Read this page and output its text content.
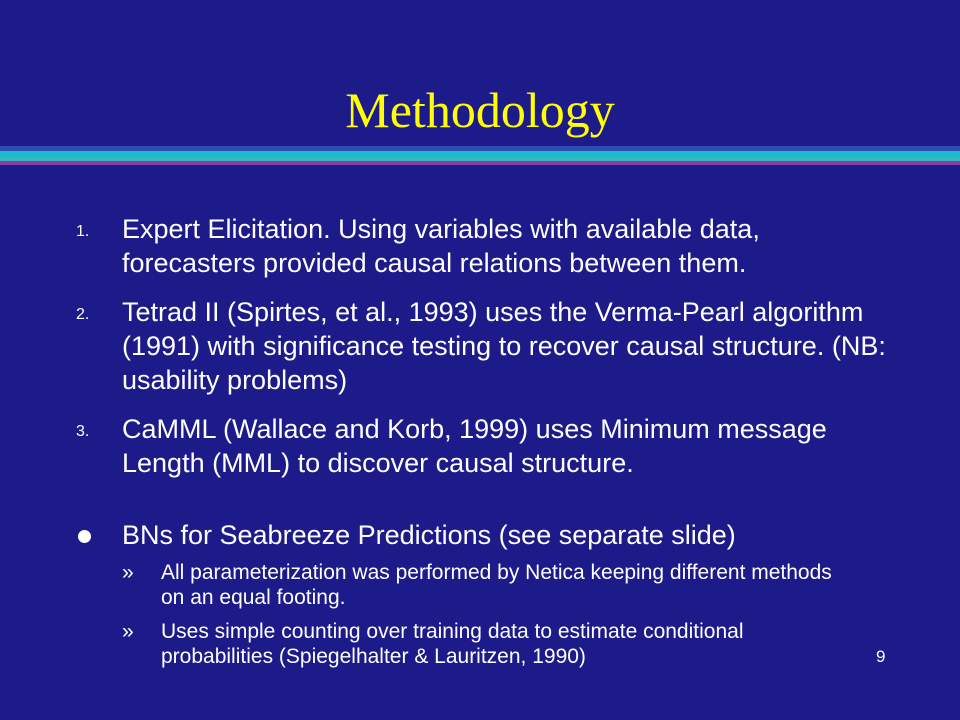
Methodology
1. Expert Elicitation. Using variables with available data, forecasters provided causal relations between them.
2. Tetrad II (Spirtes, et al., 1993) uses the Verma-Pearl algorithm (1991) with significance testing to recover causal structure. (NB: usability problems)
3. CaMML (Wallace and Korb, 1999) uses Minimum message Length (MML) to discover causal structure.
BNs for Seabreeze Predictions (see separate slide)
» All parameterization was performed by Netica keeping different methods on an equal footing.
» Uses simple counting over training data to estimate conditional probabilities (Spiegelhalter & Lauritzen, 1990)	9
